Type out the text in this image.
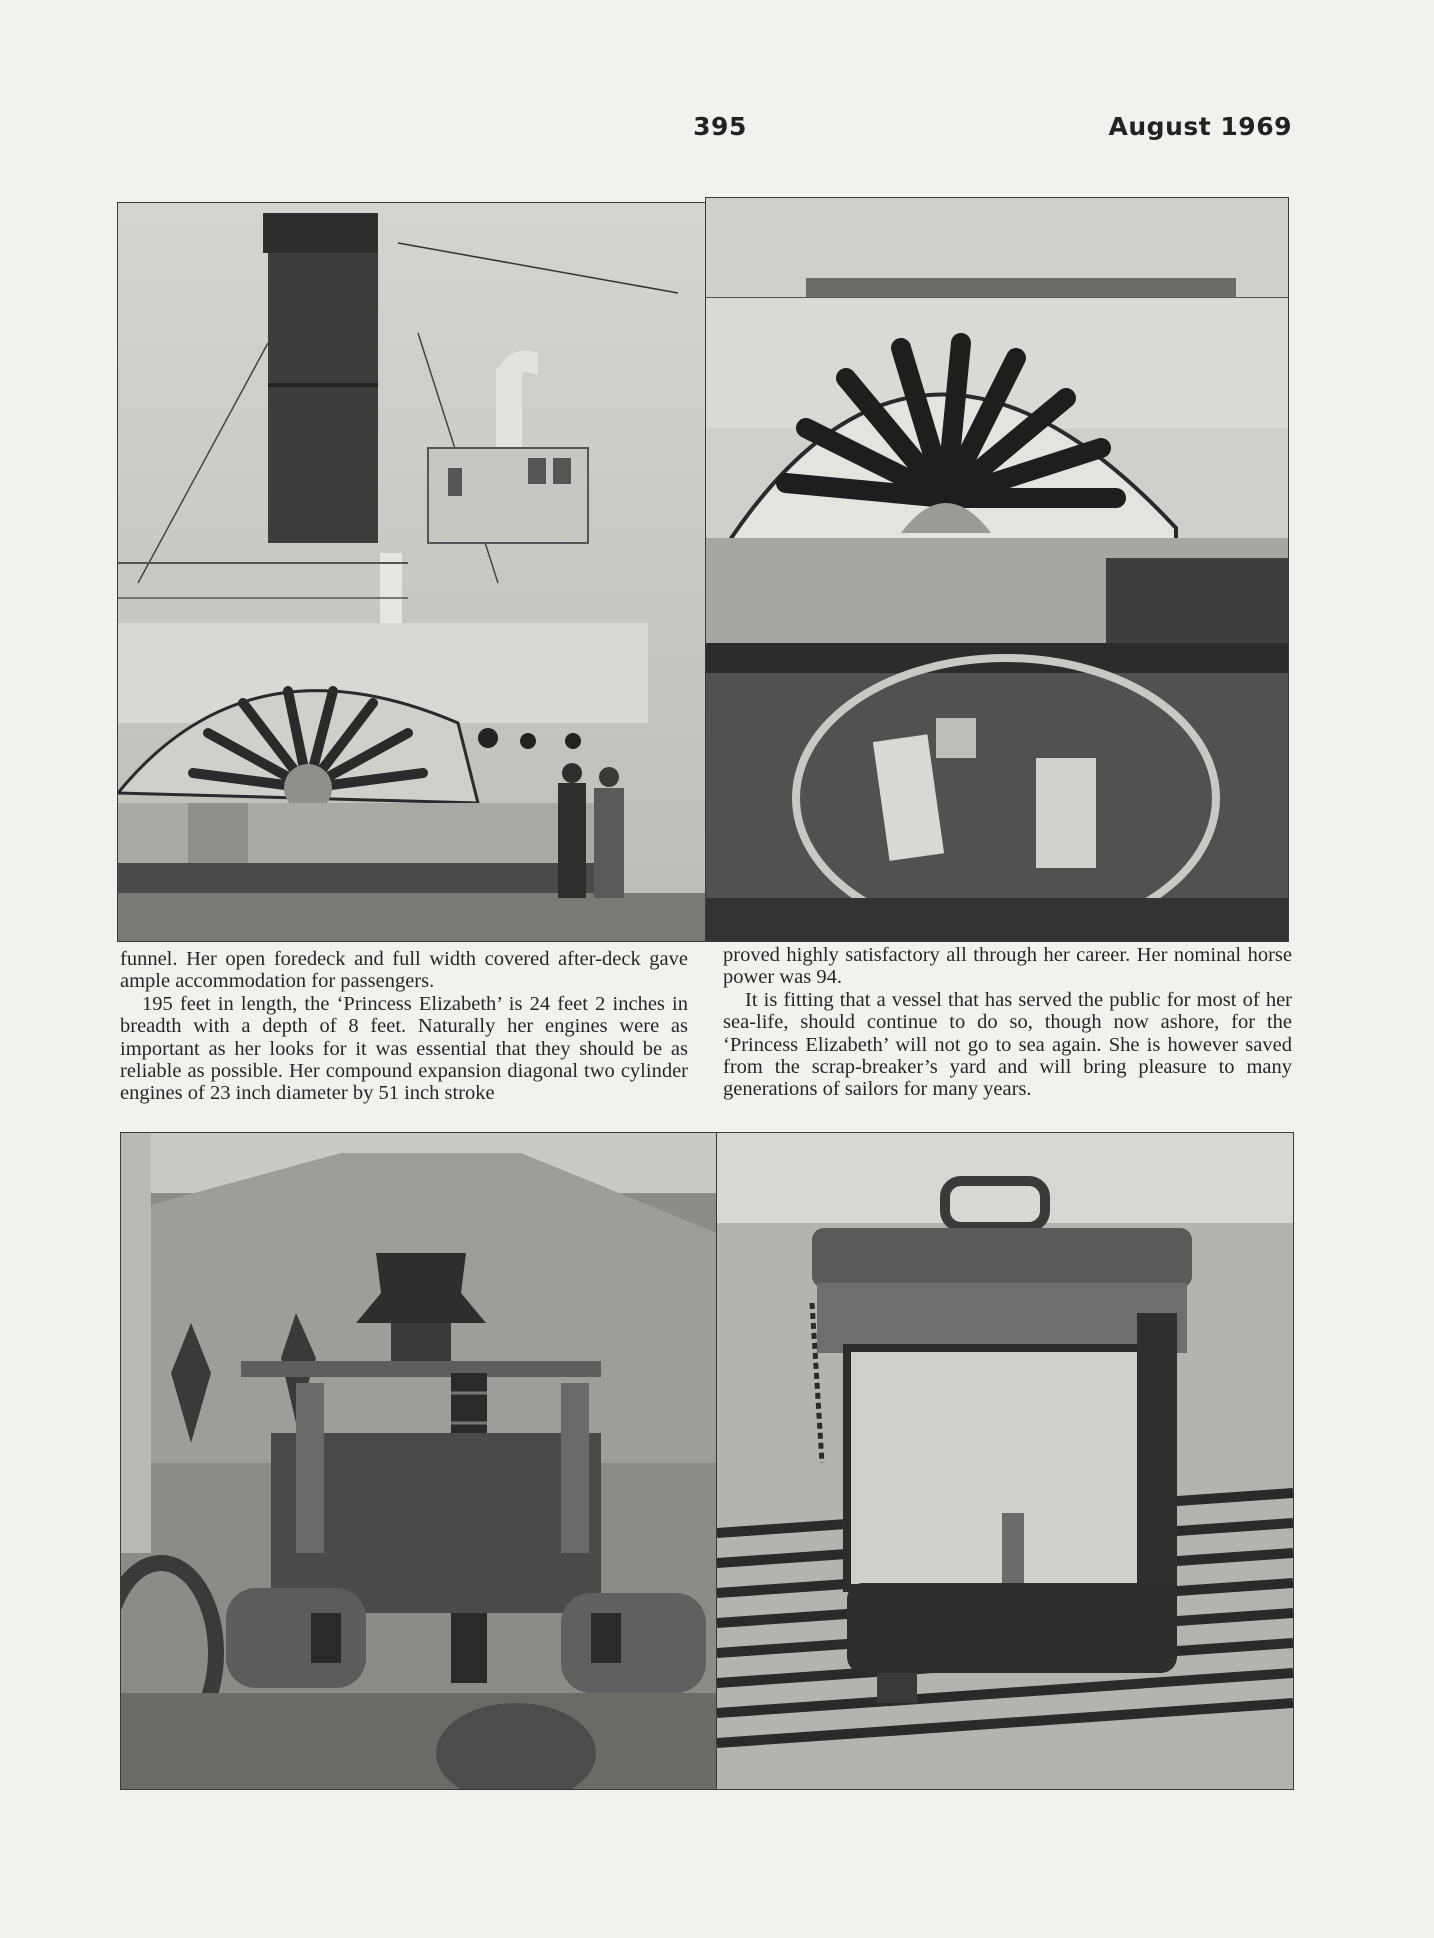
395	August 1969

funnel. Her open foredeck and full width covered after-deck gave ample accommodation for passengers.

195 feet in length, the ‘Princess Elizabeth’ is 24 feet 2 inches in breadth with a depth of 8 feet. Naturally her engines were as important as her looks for it was essential that they should be as reliable as possible. Her compound expansion diagonal two cylinder engines of 23 inch diameter by 51 inch stroke

proved highly satisfactory all through her career. Her nominal horse power was 94.

It is fitting that a vessel that has served the public for most of her sea-life, should continue to do so, though now ashore, for the ‘Princess Elizabeth’ will not go to sea again. She is however saved from the scrap-breaker’s yard and will bring pleasure to many generations of sailors for many years.
